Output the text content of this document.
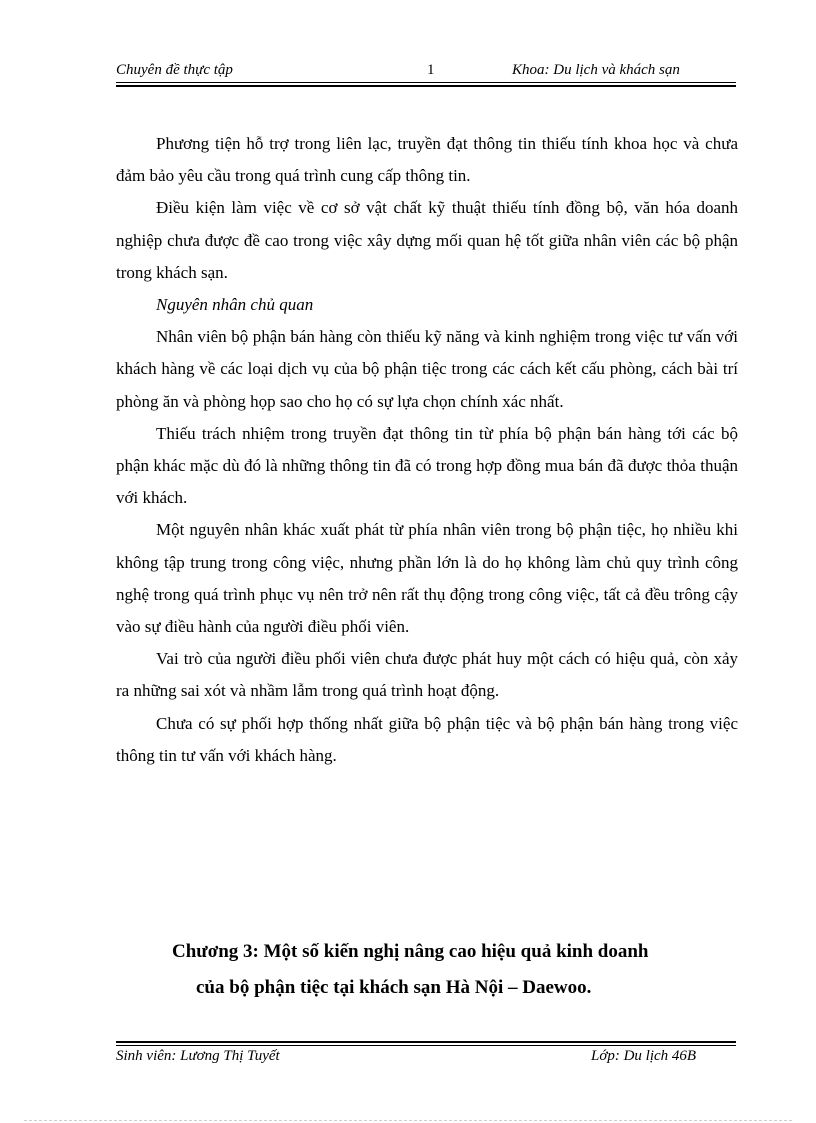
Chuyên đề thực tập	1	Khoa: Du lịch và khách sạn

Phương tiện hỗ trợ trong liên lạc, truyền đạt thông tin thiếu tính khoa học và chưa đảm bảo yêu cầu trong quá trình cung cấp thông tin.

Điều kiện làm việc về cơ sở vật chất kỹ thuật thiếu tính đồng bộ, văn hóa doanh nghiệp chưa được đề cao trong việc xây dựng mối quan hệ tốt giữa nhân viên các bộ phận trong khách sạn.

Nguyên nhân chủ quan

Nhân viên bộ phận bán hàng còn thiếu kỹ năng và kinh nghiệm trong việc tư vấn với khách hàng về các loại dịch vụ của bộ phận tiệc trong các cách kết cấu phòng, cách bài trí phòng ăn và phòng họp sao cho họ có sự lựa chọn chính xác nhất.

Thiếu trách nhiệm trong truyền đạt thông tin từ phía bộ phận bán hàng tới các bộ phận khác mặc dù đó là những thông tin đã có trong hợp đồng mua bán đã được thỏa thuận với khách.

Một nguyên nhân khác xuất phát từ phía nhân viên trong bộ phận tiệc, họ nhiều khi không tập trung trong công việc, nhưng phần lớn là do họ không làm chủ quy trình công nghệ trong quá trình phục vụ nên trở nên rất thụ động trong công việc, tất cả đều trông cậy vào sự điều hành của người điều phối viên.

Vai trò của người điều phối viên chưa được phát huy một cách có hiệu quả, còn xảy ra những sai xót và nhầm lẫm trong quá trình hoạt động.

Chưa có sự phối hợp thống nhất giữa bộ phận tiệc và bộ phận bán hàng trong việc thông tin tư vấn với khách hàng.

Chương 3: Một số kiến nghị nâng cao hiệu quả kinh doanh
của bộ phận tiệc tại khách sạn Hà Nội – Daewoo.
Sinh viên: Lương Thị Tuyết	Lớp: Du lịch 46B
